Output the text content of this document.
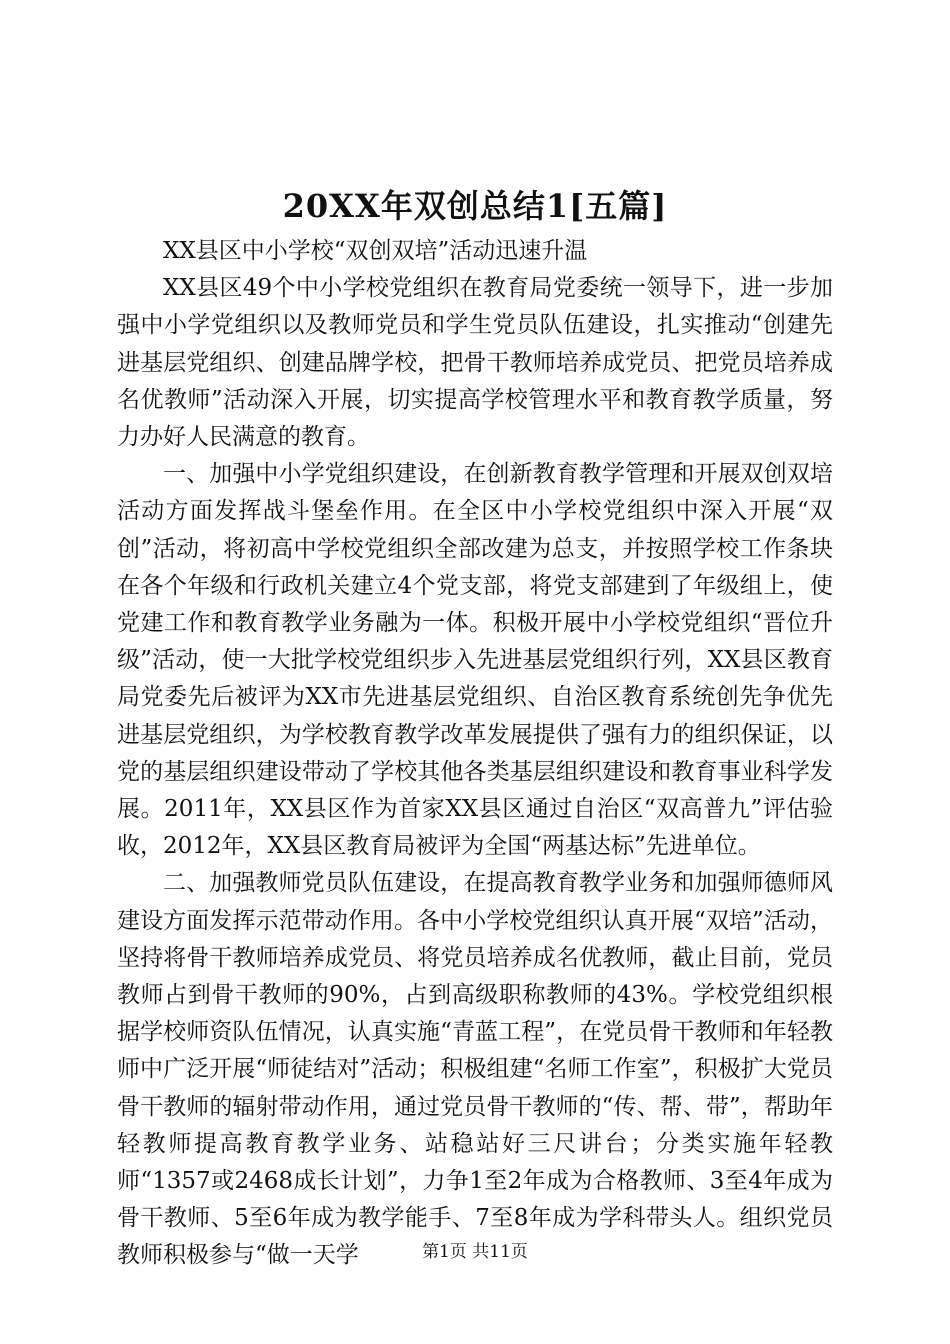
20XX年双创总结1[五篇]

XX县区中小学校“双创双培”活动迅速升温

XX县区49个中小学校党组织在教育局党委统一领导下，进一步加强中小学党组织以及教师党员和学生党员队伍建设，扎实推动“创建先进基层党组织、创建品牌学校，把骨干教师培养成党员、把党员培养成名优教师”活动深入开展，切实提高学校管理水平和教育教学质量，努力办好人民满意的教育。

一、加强中小学党组织建设，在创新教育教学管理和开展双创双培活动方面发挥战斗堡垒作用。在全区中小学校党组织中深入开展“双创”活动，将初高中学校党组织全部改建为总支，并按照学校工作条块在各个年级和行政机关建立4个党支部，将党支部建到了年级组上，使党建工作和教育教学业务融为一体。积极开展中小学校党组织“晋位升级”活动，使一大批学校党组织步入先进基层党组织行列，XX县区教育局党委先后被评为XX市先进基层党组织、自治区教育系统创先争优先进基层党组织，为学校教育教学改革发展提供了强有力的组织保证，以党的基层组织建设带动了学校其他各类基层组织建设和教育事业科学发展。2011年，XX县区作为首家XX县区通过自治区“双高普九”评估验收，2012年，XX县区教育局被评为全国“两基达标”先进单位。

二、加强教师党员队伍建设，在提高教育教学业务和加强师德师风建设方面发挥示范带动作用。各中小学校党组织认真开展“双培”活动，坚持将骨干教师培养成党员、将党员培养成名优教师，截止目前，党员教师占到骨干教师的90%，占到高级职称教师的43%。学校党组织根据学校师资队伍情况，认真实施“青蓝工程”，在党员骨干教师和年轻教师中广泛开展“师徒结对”活动；积极组建“名师工作室”，积极扩大党员骨干教师的辐射带动作用，通过党员骨干教师的“传、帮、带”，帮助年轻教师提高教育教学业务、站稳站好三尺讲台；分类实施年轻教师“1357或2468成长计划”，力争1至2年成为合格教师、3至4年成为骨干教师、5至6年成为教学能手、7至8年成为学科带头人。组织党员教师积极参与“做一天学	第1页 共11页
